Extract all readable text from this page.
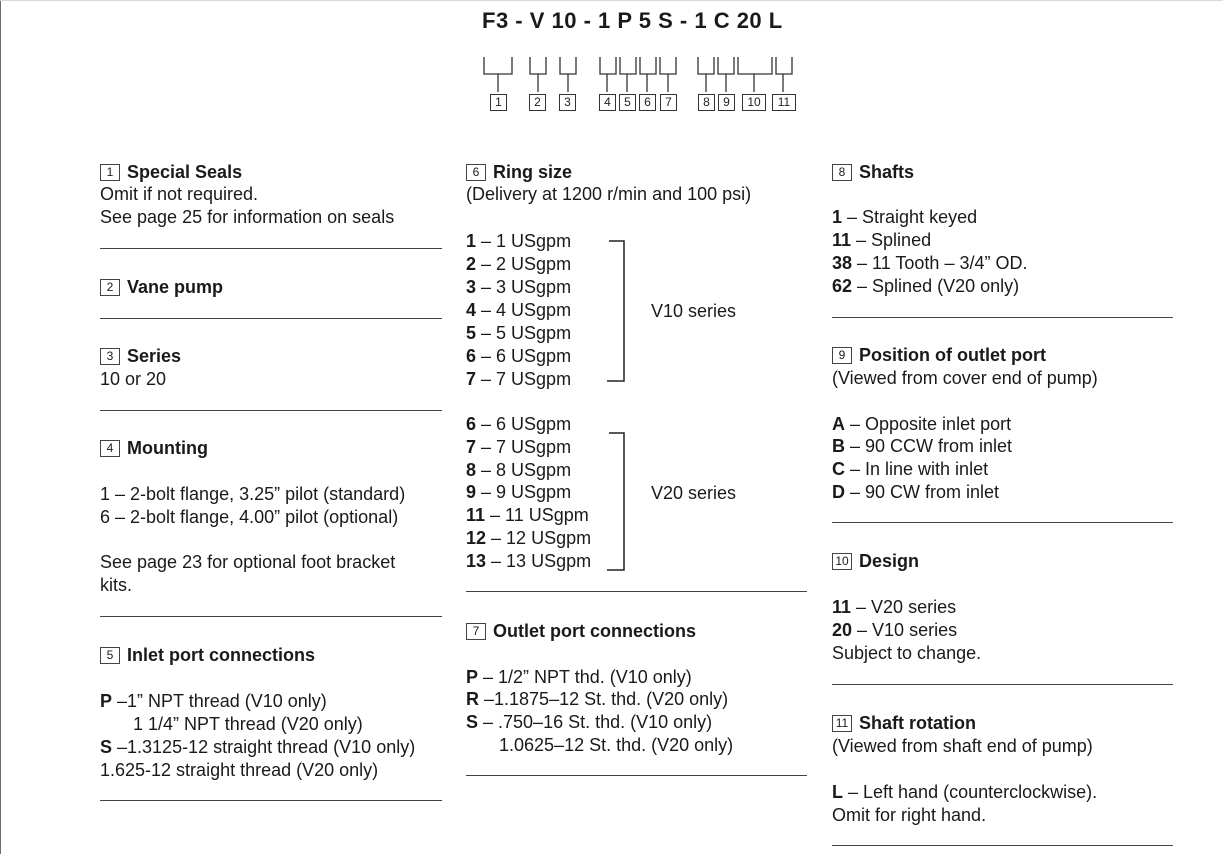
F3 - V 10 - 1 P 5 S - 1 C 20 L
1	2	3	4	5	6	7	8	9	10	11
1 Special Seals
Omit if not required.
See page 25 for information on seals
2 Vane pump
3 Series
10 or 20
4 Mounting
1 – 2-bolt flange, 3.25” pilot (standard)
6 – 2-bolt flange, 4.00” pilot (optional)
See page 23 for optional foot bracket
kits.
5 Inlet port connections
P –1” NPT thread (V10 only)
1 1/4” NPT thread (V20 only)
S –1.3125-12 straight thread (V10 only)
1.625-12 straight thread (V20 only)
6 Ring size
(Delivery at 1200 r/min and 100 psi)
1 – 1 USgpm
2 – 2 USgpm
3 – 3 USgpm
4 – 4 USgpm
5 – 5 USgpm
6 – 6 USgpm
7 – 7 USgpm
V10 series
6 – 6 USgpm
7 – 7 USgpm
8 – 8 USgpm
9 – 9 USgpm
11 – 11 USgpm
12 – 12 USgpm
13 – 13 USgpm
V20 series
7 Outlet port connections
P – 1/2” NPT thd. (V10 only)
R –1.1875–12 St. thd. (V20 only)
S – .750–16 St. thd. (V10 only)
1.0625–12 St. thd. (V20 only)
8 Shafts
1 – Straight keyed
11 – Splined
38 – 11 Tooth – 3/4” OD.
62 – Splined (V20 only)
9 Position of outlet port
(Viewed from cover end of pump)
A – Opposite inlet port
B – 90 CCW from inlet
C – In line with inlet
D – 90 CW from inlet
10 Design
11 – V20 series
20 – V10 series
Subject to change.
11 Shaft rotation
(Viewed from shaft end of pump)
L – Left hand (counterclockwise).
Omit for right hand.
